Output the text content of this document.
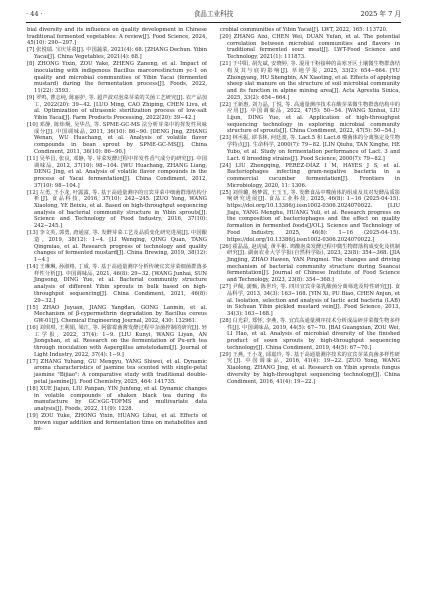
· 44 ·	食品工业科技	2025 年 7 月

bial diversity and its influence on quality development in Chinese traditional fermented vegetables: A review[J]. Food Science, 2024, 45(10): 290−297.]

[7] 张悦瑞. 宝庆芽菜[J]. 中国蔬菜, 2021(4): 68. [ZHANG Dechun. Yibin Yacai[J]. China Vegetables, 2021(4): 68.]

[8] ZHONG Yixin, ZOU Yake, ZHENG Zaneng, et al. Impact of inoculating with indigenous Bacillus marcorestinctum yc-1 on quality and microbial communities of Yibin Yacai (fermented mustard) during the fermentation process[J]. Foods, 2022, 11(22): 3593.

[9] 罗鸣, 曹志纯, 陈丽护, 等. 超声波对泡菜芽菜的关菌工艺研究[J]. 农产品加工, 2022(20): 39−42. [LUO Ming, CAO Zhiping, CHEN Livu, et al. Optimization of ultrasonic sterilization process of low-salt Yibin Yacai[J]. Farm Products Processing, 2022(20): 39−42.]

[10] 邓静, 陈炜炯, 吴华昌, 等. SPME-GC-MS 法分析芽菜中的挥发性风味成分[J]. 中国调味品, 2011, 36(10): 86−90. [DENG Jing, ZHANG Wenan, WU Huachang, et al. Analysis of volatile flavor compounds in bean sprout by SPME-GC-MS[J]. China Condiment, 2011, 36(10): 86−90.]

[11] 吴华昌, 张良, 邓静, 等. 芽菜发酵过程中挥发性香气成分的研究[J]. 中国调味品, 2012, 37(10): 98−104. [WU Huachang, ZHANG Liang, DENG Jing, et al. Analysis of volatile flavor compounds in the process of Yacai fermentation[J]. China Condiment, 2012, 37(10): 98−104.]

[12] 左勇, 王小龙, 叶露露, 等. 基于高通量测序的宜宾芽菜中细菌群落结构分析[J]. 食品科技, 2016, 37(10): 242−245. [ZUO Yong, WANG Xiaolong, YE Beixiu, et al. Based on high-throughput sequencing analysis of bacterial community structure in Yibin sprouts[J]. Science and Technology of Food Industry, 2016, 37(10): 242−245.]

[13] 李文英, 郭勇, 唐通富, 等. 发酵芽菜工艺及品质变化研究进展[J]. 中国酿造, 2019, 38(12): 1−4. [LI Wenqing, QING Quan, TANG Qingmiao, et al. Research progress of technology and quality changes of fermented mustard[J]. China Brewing, 2019, 38(12): 1−4.]

[14] 王琳琳, 孙淑格, 丁成, 等. 基于高通量测序分析传统宜宾芽菜细菌群落多样性分析[J]. 中国调味品, 2021, 46(8): 29−32. [WANG Junhai, SUN Jingsong, DING Yue, et al. Bacterial community structure analysis of different Yibin sprouts in bulk based on high-throughput sequencing[J]. China Condiment, 2021, 46(8): 29−32.]

[15] ZHAO Juyuan, JIANG Yangdan, GONG Lanmin, et al. Mechanism of β-cypermethrin degradation by Bacillus cereus GW-01[J]. Chemical Engineering Journal, 2022, 430: 132961.

[16] 刘琪琪, 王利娟, 梁江, 等. 阿甜霉菌酱发酵过程中杂菌控制的研究[J]. 轻工学报, 2022, 37(4): 1−9. [LIU Kunyi, WANG Liyan, AN Jiongshan, et al. Research on the fermentation of Pu-erh tea through inoculation with Aspergillus amstelodami[J]. Journal of Light Industry, 2022, 37(4): 1−9.]

[17] ZHANG Yuhang, GU Mengyu, YANG Shiwei, et al. Dynamic aroma characteristics of jasmine tea scented with single-petal jasmine "Bijiao": A comparative study with traditional double-petal jasmine[J]. Food Chemistry, 2025, 464: 141735.

[18] XUE Jiajun, LIU Panpan, YIN Junfeng, et al. Dynamic changes in volatile compounds of shaken black tea during its manufacture by GC×GC-TOFMS and multivariate data analysis[J]. Foods, 2022, 11(9): 1228.

[19] ZOU Yuke, ZHONG Yixin, HUANG Lihui, et al. Effects of brown sugar addition and fermentation time on metabolites and mi-

crobial communities of Yibin Yacai[J]. LWT, 2022, 165: 113720.

[20] ZHANG Aixi, CHEN Wei, DUAN Yufan, et al. The potential correlation between microbial communities and flavors in traditional fermented sour meat[J]. LWT-Food Science and Technology, 2021(1): 111873.

[21] 于中阳, 胡先斌, 安晓婷, 等. 混用干粉接种的高寒牙区土壤微生物群落结构及其与底的影响[J]. 草地学报, 2025, 33(2): 654−664. [YU Zhongyang, HU Shengbin, AN Xiaoting, et al. Effects of applying sheep slat manure on the structure of soil microbial community and its function in alpine mining area[J]. Acta Agrestia Sinica, 2025, 33(2): 654−664.]

[22] 王新惠, 刘力晶, 丁悦, 等. 高通量测序技术在酸芽菜微生物群落结构中的应用[J]. 中国调味品, 2022, 47(5): 50−54. [WANG Xinhui, LIU Lijun, DING Yue, et al. Application of high-throughput sequencing technology in exploring microbial community structure of sprouts[J]. China Condiment, 2022, 47(5): 50−54.]

[23] 林丞振, 谭书林, 何廷波, 等. Lact.5 和 Lact.6 噬菌体的分离鉴定及生物学特点[J]. 生命科学, 2000(7): 79−82. [LIN Qiuhu, TAN Xinghe, HE Yubo, et al. Study on fermentation performance of Lact. 3 and Lact. 6 breeding strains[J]. Food Science, 2000(7): 79−82.]

[24] LIU Zhengqing, PÉREZ-DÍAZ I M, HAYES J S, et al. Bacteriophages infecting gram-negative bacteria in a commercial cucumber fermentation[J]. Frontiers in Microbiology, 2020, 11: 1306.

[25] 刘佳璐, 杨梦霞, 王玉玉, 等. 发酵食品中噬菌体的组成及其对发酵品质影响研究进展[J]. 食品工业科技, 2025, 46(8): 1−16 (2025-04-15). https://doi.org/10.13386/j.issn1002-0306.2024070022. [LIU Jiaju, YANG Menghu, HUANG Yuli, et al. Research progress on the composition of bacteriophages and the effect on quality formation in fermented foods[J/OL]. Science and Technology of Food Industry, 2025, 46(8): 1−16 (2025-04-15). https://doi.org/10.13386/j.issn1002-0306.2024070022.]

[26] 霍晶晶, 赵虎威, 黄平彬. 鸡酸泡菜发酵过程中微生物群落构成变化及机制研究[J]. 湖南农业大学学报(自然科学版), 2023, 23(8): 354−368. [JIA Jingjing, ZHAO Hawen, YAN Pingmei. The changes and driving mechanism of bacterial community structure during Suancai fermentation[J]. Journal of Chinese Institute of Food Science and Technology, 2023, 23(8): 354−368.]

[27] 尹佩, 蒲甄, 陈世玲, 等. 四川宜宾芽菜乳酸菌分离筛选及特性研究[J]. 食品科学, 2013, 34(3): 163−168. [YIN Xi, PU Biao, CHEN Anjun, et al. Isolation, selection and analysis of lactic acid bacteria (LAB) in Sichuan Yibin pickled mustard vein[J]. Food Science, 2013, 34(3): 163−168.]

[28] 白光彩, 郑怀, 李燕, 等. 宜宾高通量测序技术分析成品碎芽菜微生物多样性[J]. 中国调味品, 2019, 44(5): 67−70. [BAI Guangxian, ZOU Wei, LI Hao, et al. Analysis of microbial diversity of the finished product of sown sprouts by high-throughput sequencing technology[J]. China Condiment, 2019, 44(5): 67−70.]

[29] 王燕, 王小龙, 邱嘉玲, 等. 基于高通量测序技术的宜宾芽菜真菌多样性研究[J]. 中国调味品, 2016, 41(4): 19−22. [ZUO Yong, WANG Xiaolong, ZHANG Jing, et al. Research on Yibin sprouts fungus diversity by high-throughput sequencing technology[J]. China Condiment, 2016, 41(4): 19−22.]
